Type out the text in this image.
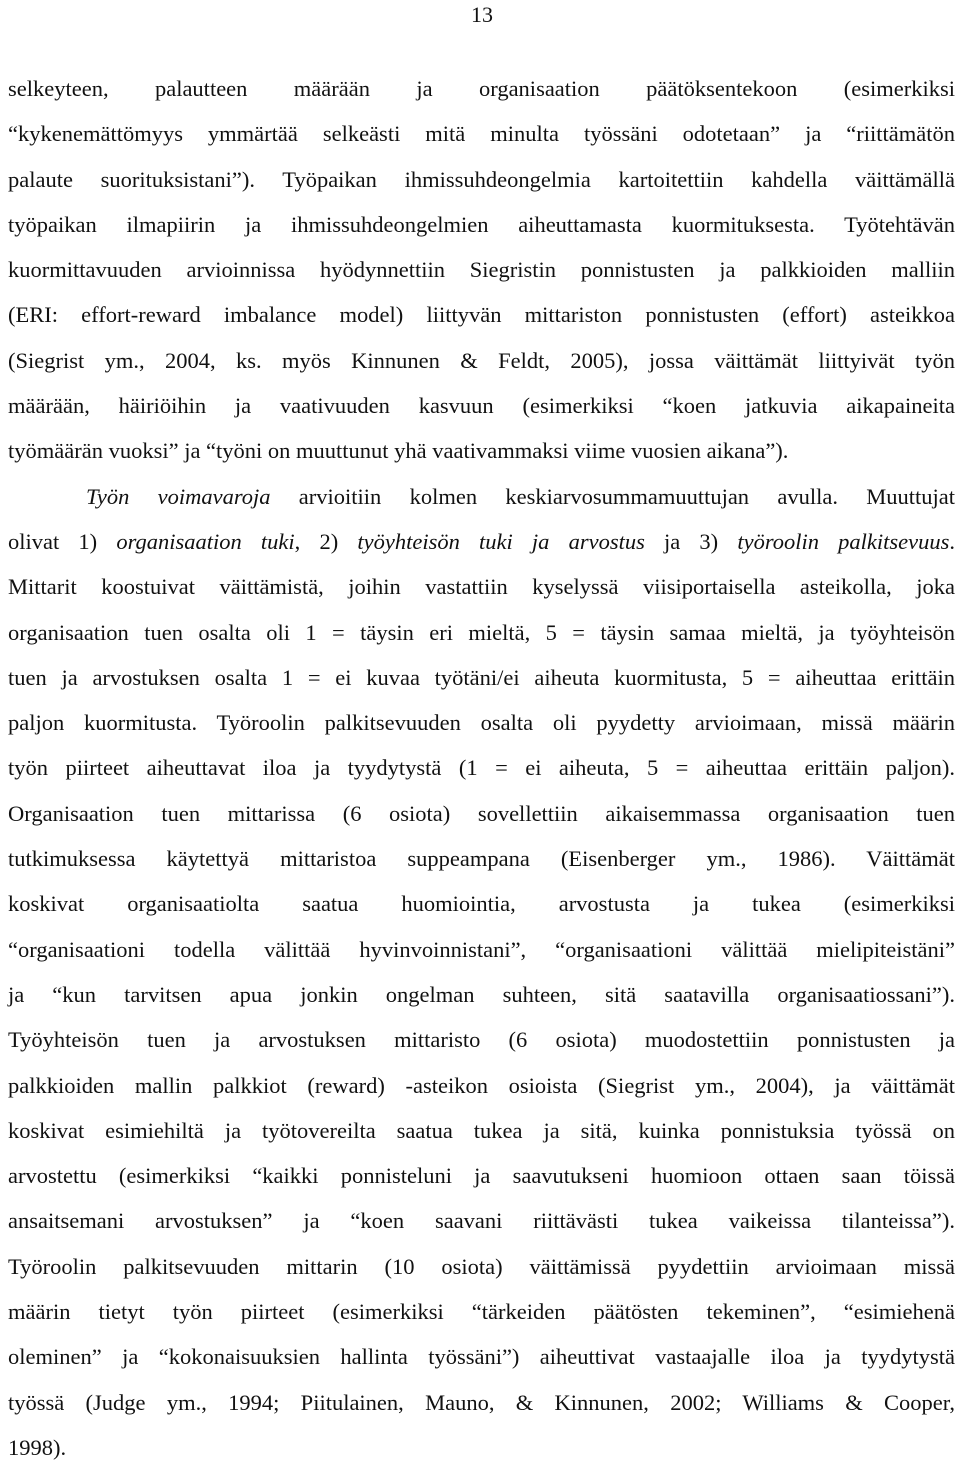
13
selkeyteen, palautteen määrään ja organisaation päätöksentekoon (esimerkiksi
“kykenemättömyys ymmärtää selkeästi mitä minulta työssäni odotetaan” ja “riittämätön
palaute suorituksistani”). Työpaikan ihmissuhdeongelmia kartoitettiin kahdella väittämällä
työpaikan ilmapiirin ja ihmissuhdeongelmien aiheuttamasta kuormituksesta. Työtehtävän
kuormittavuuden arvioinnissa hyödynnettiin Siegristin ponnistusten ja palkkioiden malliin
(ERI: effort-reward imbalance model) liittyvän mittariston ponnistusten (effort) asteikkoa
(Siegrist ym., 2004, ks. myös Kinnunen & Feldt, 2005), jossa väittämät liittyivät työn
määrään, häiriöihin ja vaativuuden kasvuun (esimerkiksi “koen jatkuvia aikapaineita
työmäärän vuoksi” ja “työni on muuttunut yhä vaativammaksi viime vuosien aikana”).
Työn voimavaroja arvioitiin kolmen keskiarvosummamuuttujan avulla. Muuttujat
olivat 1) organisaation tuki, 2) työyhteisön tuki ja arvostus ja 3) työroolin palkitsevuus.
Mittarit koostuivat väittämistä, joihin vastattiin kyselyssä viisiportaisella asteikolla, joka
organisaation tuen osalta oli 1 = täysin eri mieltä, 5 = täysin samaa mieltä, ja työyhteisön
tuen ja arvostuksen osalta 1 = ei kuvaa työtäni/ei aiheuta kuormitusta, 5 = aiheuttaa erittäin
paljon kuormitusta. Työroolin palkitsevuuden osalta oli pyydetty arvioimaan, missä määrin
työn piirteet aiheuttavat iloa ja tyydytystä (1 = ei aiheuta, 5 = aiheuttaa erittäin paljon).
Organisaation tuen mittarissa (6 osiota) sovellettiin aikaisemmassa organisaation tuen
tutkimuksessa käytettyä mittaristoa suppeampana (Eisenberger ym., 1986). Väittämät
koskivat organisaatiolta saatua huomiointia, arvostusta ja tukea (esimerkiksi
“organisaationi todella välittää hyvinvoinnistani”, “organisaationi välittää mielipiteistäni”
ja “kun tarvitsen apua jonkin ongelman suhteen, sitä saatavilla organisaatiossani”).
Työyhteisön tuen ja arvostuksen mittaristo (6 osiota) muodostettiin ponnistusten ja
palkkioiden mallin palkkiot (reward) -asteikon osioista (Siegrist ym., 2004), ja väittämät
koskivat esimiehiltä ja työtovereilta saatua tukea ja sitä, kuinka ponnistuksia työssä on
arvostettu (esimerkiksi “kaikki ponnisteluni ja saavutukseni huomioon ottaen saan töissä
ansaitsemani arvostuksen” ja “koen saavani riittävästi tukea vaikeissa tilanteissa”).
Työroolin palkitsevuuden mittarin (10 osiota) väittämissä pyydettiin arvioimaan missä
määrin tietyt työn piirteet (esimerkiksi “tärkeiden päätösten tekeminen”, “esimiehenä
oleminen” ja “kokonaisuuksien hallinta työssäni”) aiheuttivat vastaajalle iloa ja tyydytystä
työssä (Judge ym., 1994; Piitulainen, Mauno, & Kinnunen, 2002; Williams & Cooper,
1998).
